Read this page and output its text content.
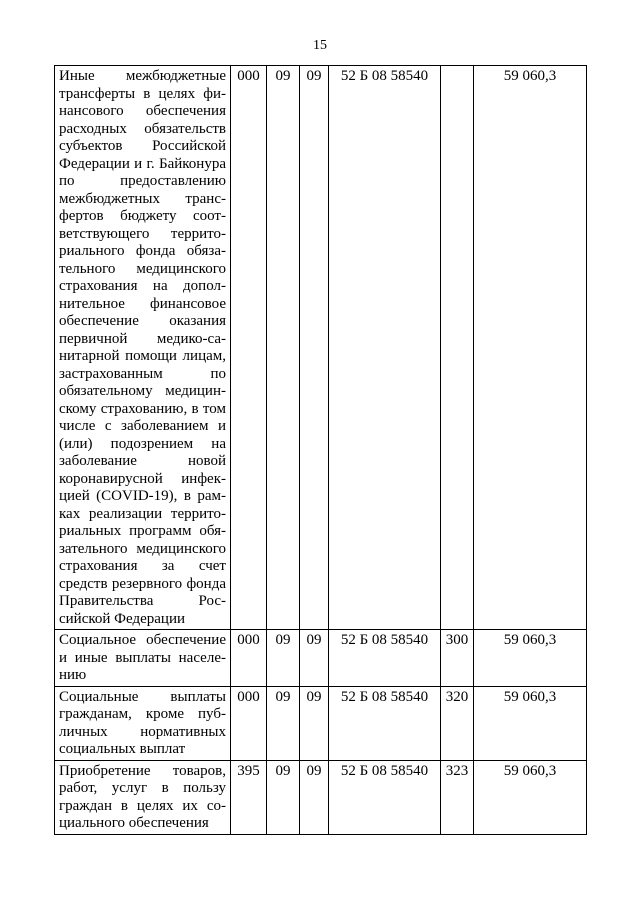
15
Иные межбюджетные трансферты в целях финансового обеспечения расходных обязательств субъектов Российской Федерации и г. Байконура по предоставлению межбюджетных трансфертов бюджету соответствующего территориального фонда обязательного медицинского страхования на дополнительное финансовое обеспечение оказания первичной медико-санитарной помощи лицам, застрахованным по обязательному медицинскому страхованию, в том числе с заболеванием и (или) подозрением на заболевание новой коронавирусной инфекцией (COVID-19), в рамках реализации территориальных программ обязательного медицинского страхования за счет средств резервного фонда Правительства Российской Федерации	000	09	09	52 Б 08 58540		59 060,3
Социальное обеспечение и иные выплаты населению	000	09	09	52 Б 08 58540	300	59 060,3
Социальные выплаты гражданам, кроме публичных нормативных социальных выплат	000	09	09	52 Б 08 58540	320	59 060,3
Приобретение товаров, работ, услуг в пользу граждан в целях их социального обеспечения	395	09	09	52 Б 08 58540	323	59 060,3
